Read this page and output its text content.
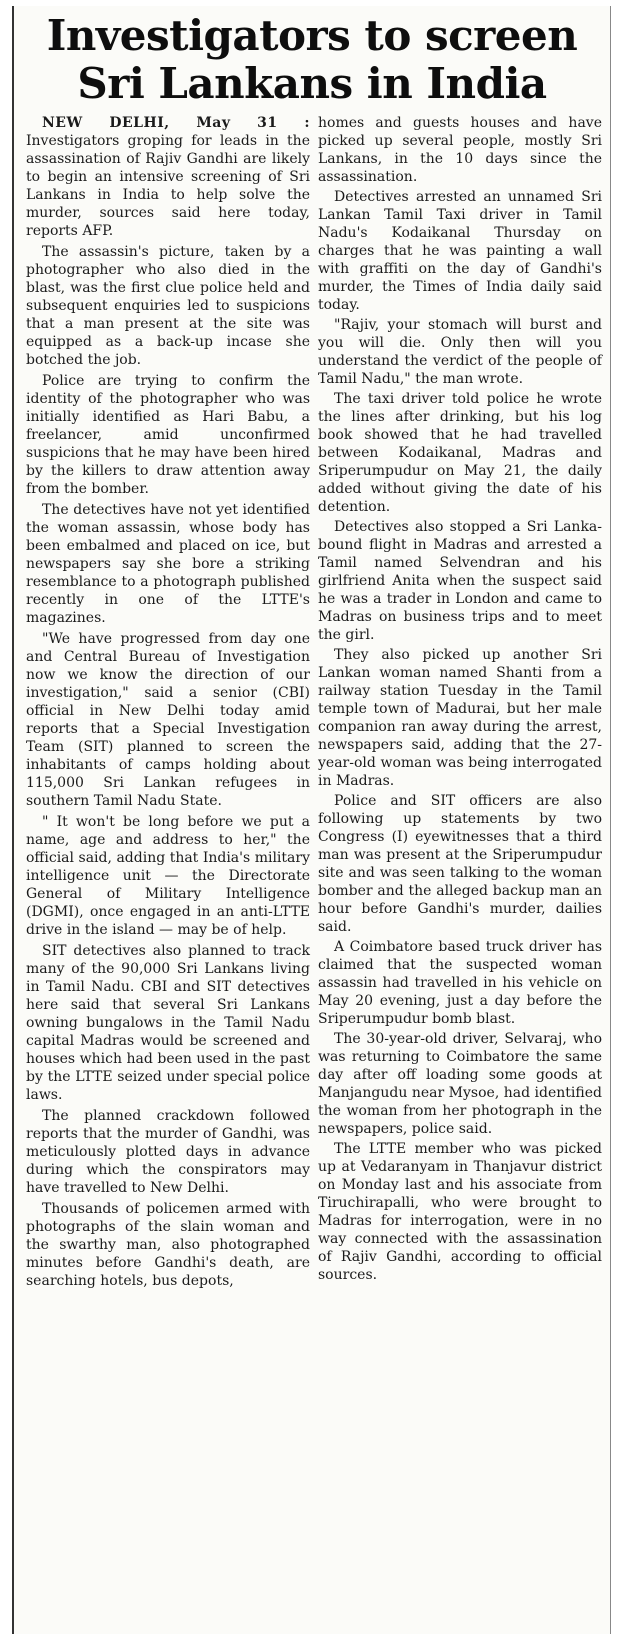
Investigators to screen
Sri Lankans in India

NEW DELHI, May 31 : Investigators groping for leads in the assassination of Rajiv Gandhi are likely to begin an intensive screening of Sri Lankans in India to help solve the murder, sources said here today, reports AFP.

The assassin's picture, taken by a photographer who also died in the blast, was the first clue police held and subsequent enquiries led to suspicions that a man present at the site was equipped as a back-up incase she botched the job.

Police are trying to confirm the identity of the photographer who was initially identified as Hari Babu, a freelancer, amid unconfirmed suspicions that he may have been hired by the killers to draw attention away from the bomber.

The detectives have not yet identified the woman assassin, whose body has been embalmed and placed on ice, but newspapers say she bore a striking resemblance to a photograph published recently in one of the LTTE's magazines.

"We have progressed from day one and Central Bureau of Investigation now we know the direction of our investigation," said a senior (CBI) official in New Delhi today amid reports that a Special Investigation Team (SIT) planned to screen the inhabitants of camps holding about 115,000 Sri Lankan refugees in southern Tamil Nadu State.

" It won't be long before we put a name, age and address to her," the official said, adding that India's military intelligence unit — the Directorate General of Military Intelligence (DGMI), once engaged in an anti-LTTE drive in the island — may be of help.

SIT detectives also planned to track many of the 90,000 Sri Lankans living in Tamil Nadu. CBI and SIT detectives here said that several Sri Lankans owning bungalows in the Tamil Nadu capital Madras would be screened and houses which had been used in the past by the LTTE seized under special police laws.

The planned crackdown followed reports that the murder of Gandhi, was meticulously plotted days in advance during which the conspirators may have travelled to New Delhi.

Thousands of policemen armed with photographs of the slain woman and the swarthy man, also photographed minutes before Gandhi's death, are searching hotels, bus depots,

homes and guests houses and have picked up several people, mostly Sri Lankans, in the 10 days since the assassination.

Detectives arrested an unnamed Sri Lankan Tamil Taxi driver in Tamil Nadu's Kodaikanal Thursday on charges that he was painting a wall with graffiti on the day of Gandhi's murder, the Times of India daily said today.

"Rajiv, your stomach will burst and you will die. Only then will you understand the verdict of the people of Tamil Nadu," the man wrote.

The taxi driver told police he wrote the lines after drinking, but his log book showed that he had travelled between Kodaikanal, Madras and Sriperumpudur on May 21, the daily added without giving the date of his detention.

Detectives also stopped a Sri Lanka-bound flight in Madras and arrested a Tamil named Selvendran and his girlfriend Anita when the suspect said he was a trader in London and came to Madras on business trips and to meet the girl.

They also picked up another Sri Lankan woman named Shanti from a railway station Tuesday in the Tamil temple town of Madurai, but her male companion ran away during the arrest, newspapers said, adding that the 27-year-old woman was being interrogated in Madras.

Police and SIT officers are also following up statements by two Congress (I) eyewitnesses that a third man was present at the Sriperumpudur site and was seen talking to the woman bomber and the alleged backup man an hour before Gandhi's murder, dailies said.

A Coimbatore based truck driver has claimed that the suspected woman assassin had travelled in his vehicle on May 20 evening, just a day before the Sriperumpudur bomb blast.

The 30-year-old driver, Selvaraj, who was returning to Coimbatore the same day after off loading some goods at Manjangudu near Mysoe, had identified the woman from her photograph in the newspapers, police said.

The LTTE member who was picked up at Vedaranyam in Thanjavur district on Monday last and his associate from Tiruchirapalli, who were brought to Madras for interrogation, were in no way connected with the assassination of Rajiv Gandhi, according to official sources.
